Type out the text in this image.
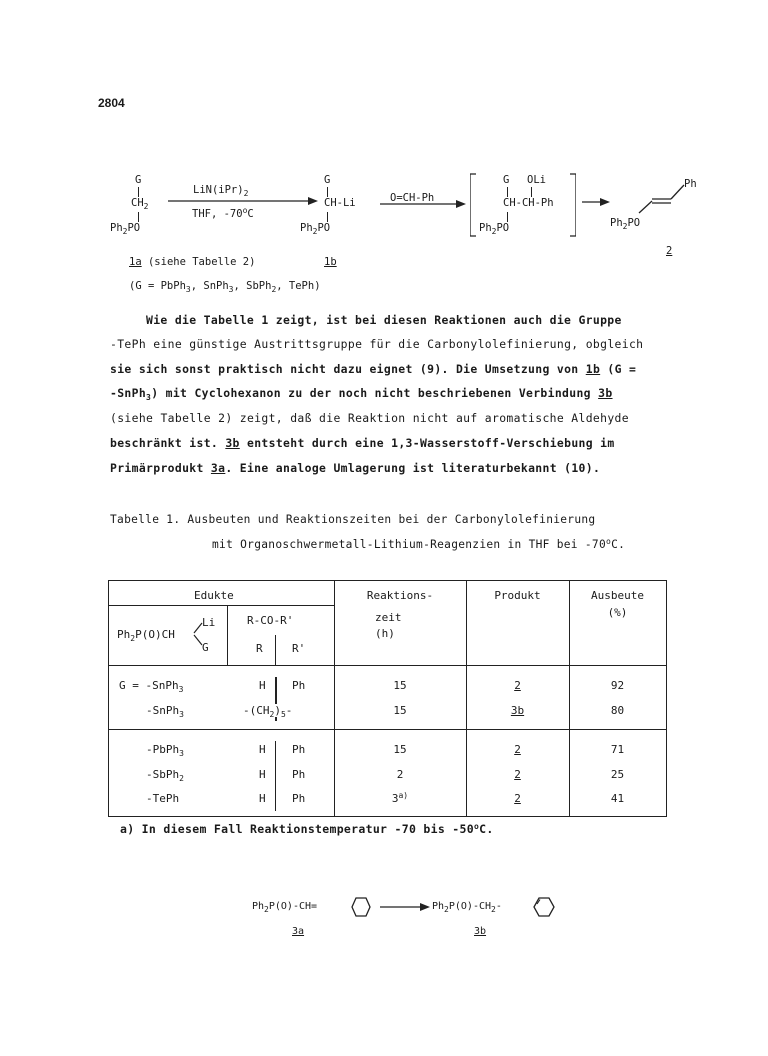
2804
G
$CH_2$
$Ph_2PO$
$LiN(iPr)_2$
THF, -70$^o$C
G
CH-Li
$Ph_2PO$
O=CH-Ph
G OLi
CH-CH-Ph
$Ph_2PO$
Ph
$Ph_2PO$
2
1a (siehe Tabelle 2)	1b
(G = PbPh$_3$, SnPh$_3$, SbPh$_2$, TePh)
Wie die Tabelle 1 zeigt, ist bei diesen Reaktionen auch die Gruppe
-TePh eine günstige Austrittsgruppe für die Carbonylolefinierung, obgleich
sie sich sonst praktisch nicht dazu eignet (9). Die Umsetzung von 1b (G =
-SnPh$_3$) mit Cyclohexanon zu der noch nicht beschriebenen Verbindung 3b
(siehe Tabelle 2) zeigt, daß die Reaktion nicht auf aromatische Aldehyde
beschränkt ist. 3b entsteht durch eine 1,3-Wasserstoff-Verschiebung im
Primärprodukt 3a. Eine analoge Umlagerung ist literaturbekannt (10).
Tabelle 1. Ausbeuten und Reaktionszeiten bei der Carbonylolefinierung
mit Organoschwermetall-Lithium-Reagenzien in THF bei -70$^o$C.
Edukte
$Ph_2P(O)CH$
Li
G
R-CO-R'
R	R'
Reaktions-
zeit
(h)
Produkt	Ausbeute
(%)
G = -SnPh$_3$	H Ph	15	2	92
-SnPh$_3$	$-(CH_2)_5-$	15	3b	80
-PbPh$_3$	H Ph	15	2	71
-SbPh$_2$	H Ph	2	2	25
-TePh	H Ph	3$^{a)}$	2	41
a) In diesem Fall Reaktionstemperatur -70 bis -50$^o$C.
$Ph_2P(O)-CH=$	$Ph_2P(O)-CH_2-$
3a	3b
